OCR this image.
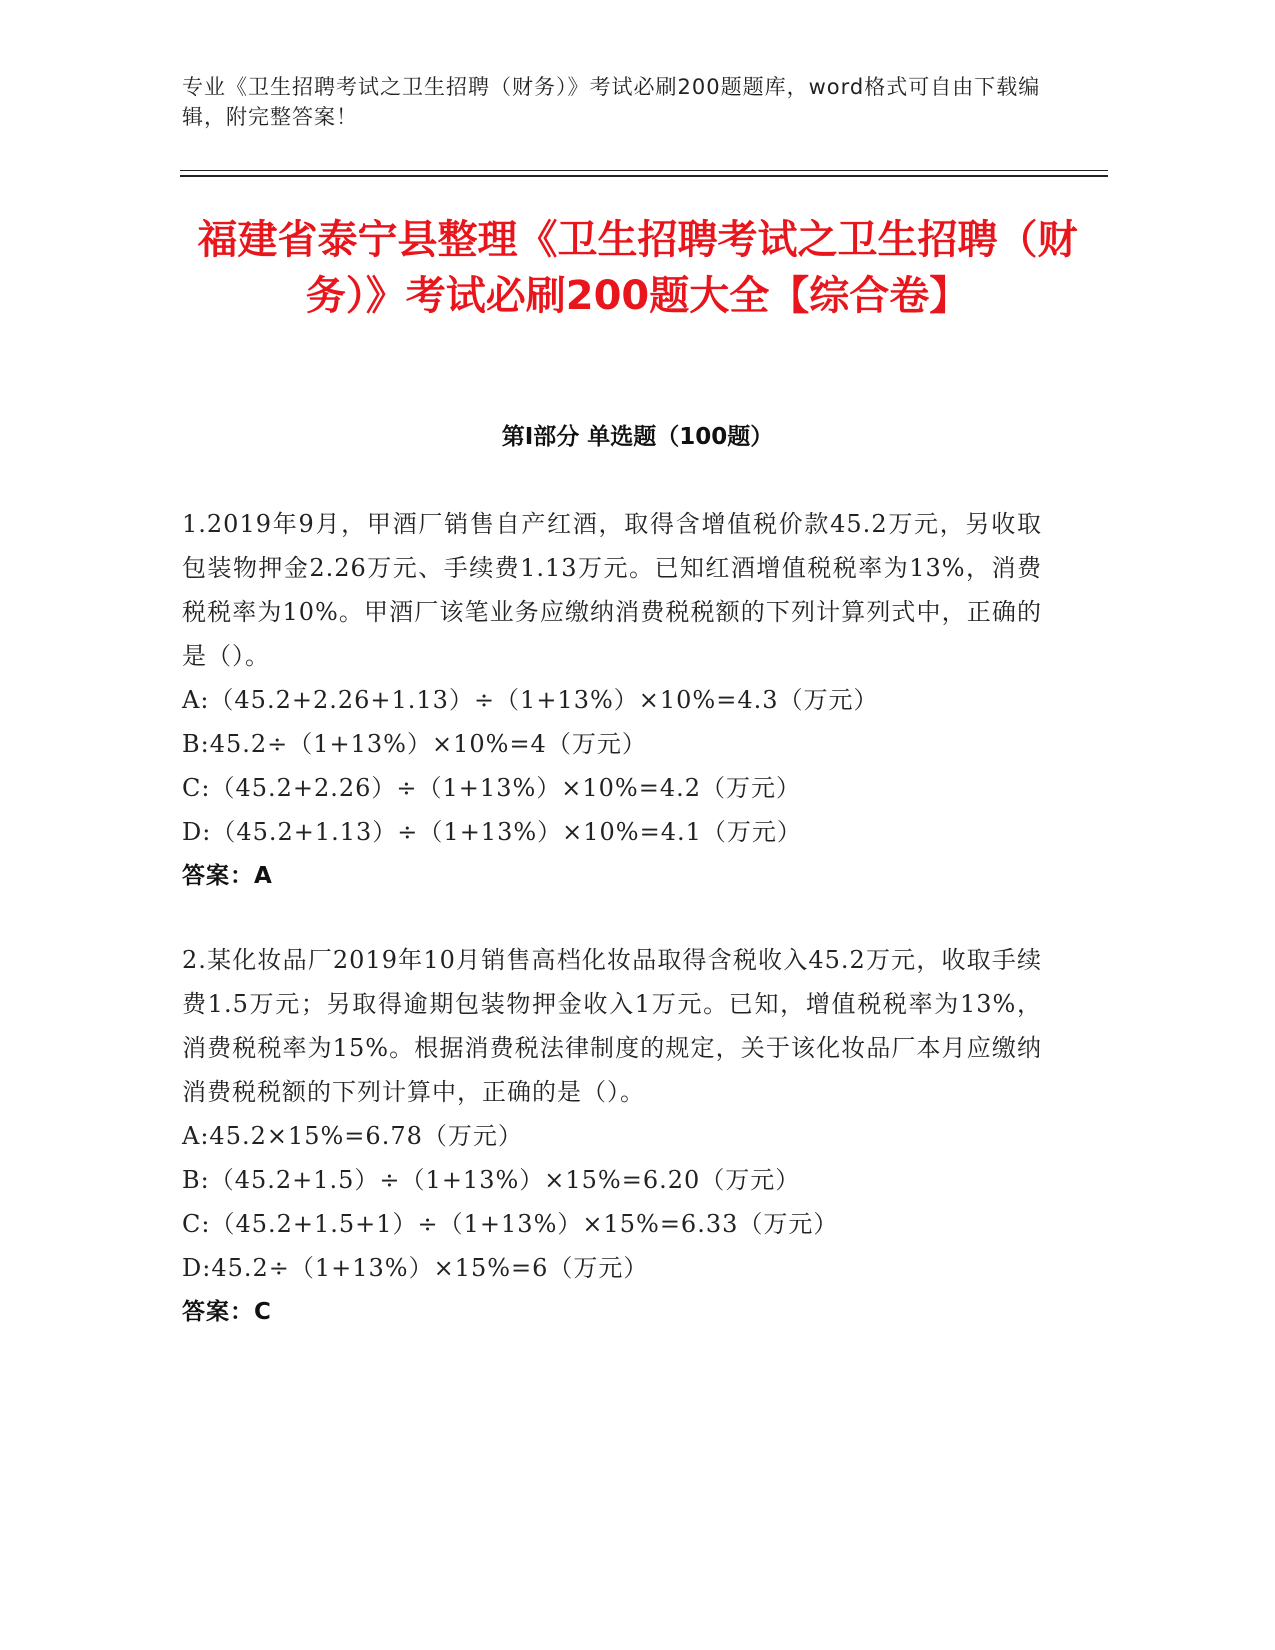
专业《卫生招聘考试之卫生招聘（财务）》考试必刷200题题库，word格式可自由下载编辑，附完整答案！
福建省泰宁县整理《卫生招聘考试之卫生招聘（财务）》考试必刷200题大全【综合卷】
第Ⅰ部分 单选题（100题）

1.2019年9月，甲酒厂销售自产红酒，取得含增值税价款45.2万元，另收取包装物押金2.26万元、手续费1.13万元。已知红酒增值税税率为13%，消费税税率为10%。甲酒厂该笔业务应缴纳消费税税额的下列计算列式中，正确的是（）。

A:（45.2+2.26+1.13）÷（1+13%）×10%=4.3（万元）

B:45.2÷（1+13%）×10%=4（万元）

C:（45.2+2.26）÷（1+13%）×10%=4.2（万元）

D:（45.2+1.13）÷（1+13%）×10%=4.1（万元）

答案：A

2.某化妆品厂2019年10月销售高档化妆品取得含税收入45.2万元，收取手续费1.5万元；另取得逾期包装物押金收入1万元。已知，增值税税率为13%，消费税税率为15%。根据消费税法律制度的规定，关于该化妆品厂本月应缴纳消费税税额的下列计算中，正确的是（）。

A:45.2×15%=6.78（万元）

B:（45.2+1.5）÷（1+13%）×15%=6.20（万元）

C:（45.2+1.5+1）÷（1+13%）×15%=6.33（万元）

D:45.2÷（1+13%）×15%=6（万元）

答案：C
